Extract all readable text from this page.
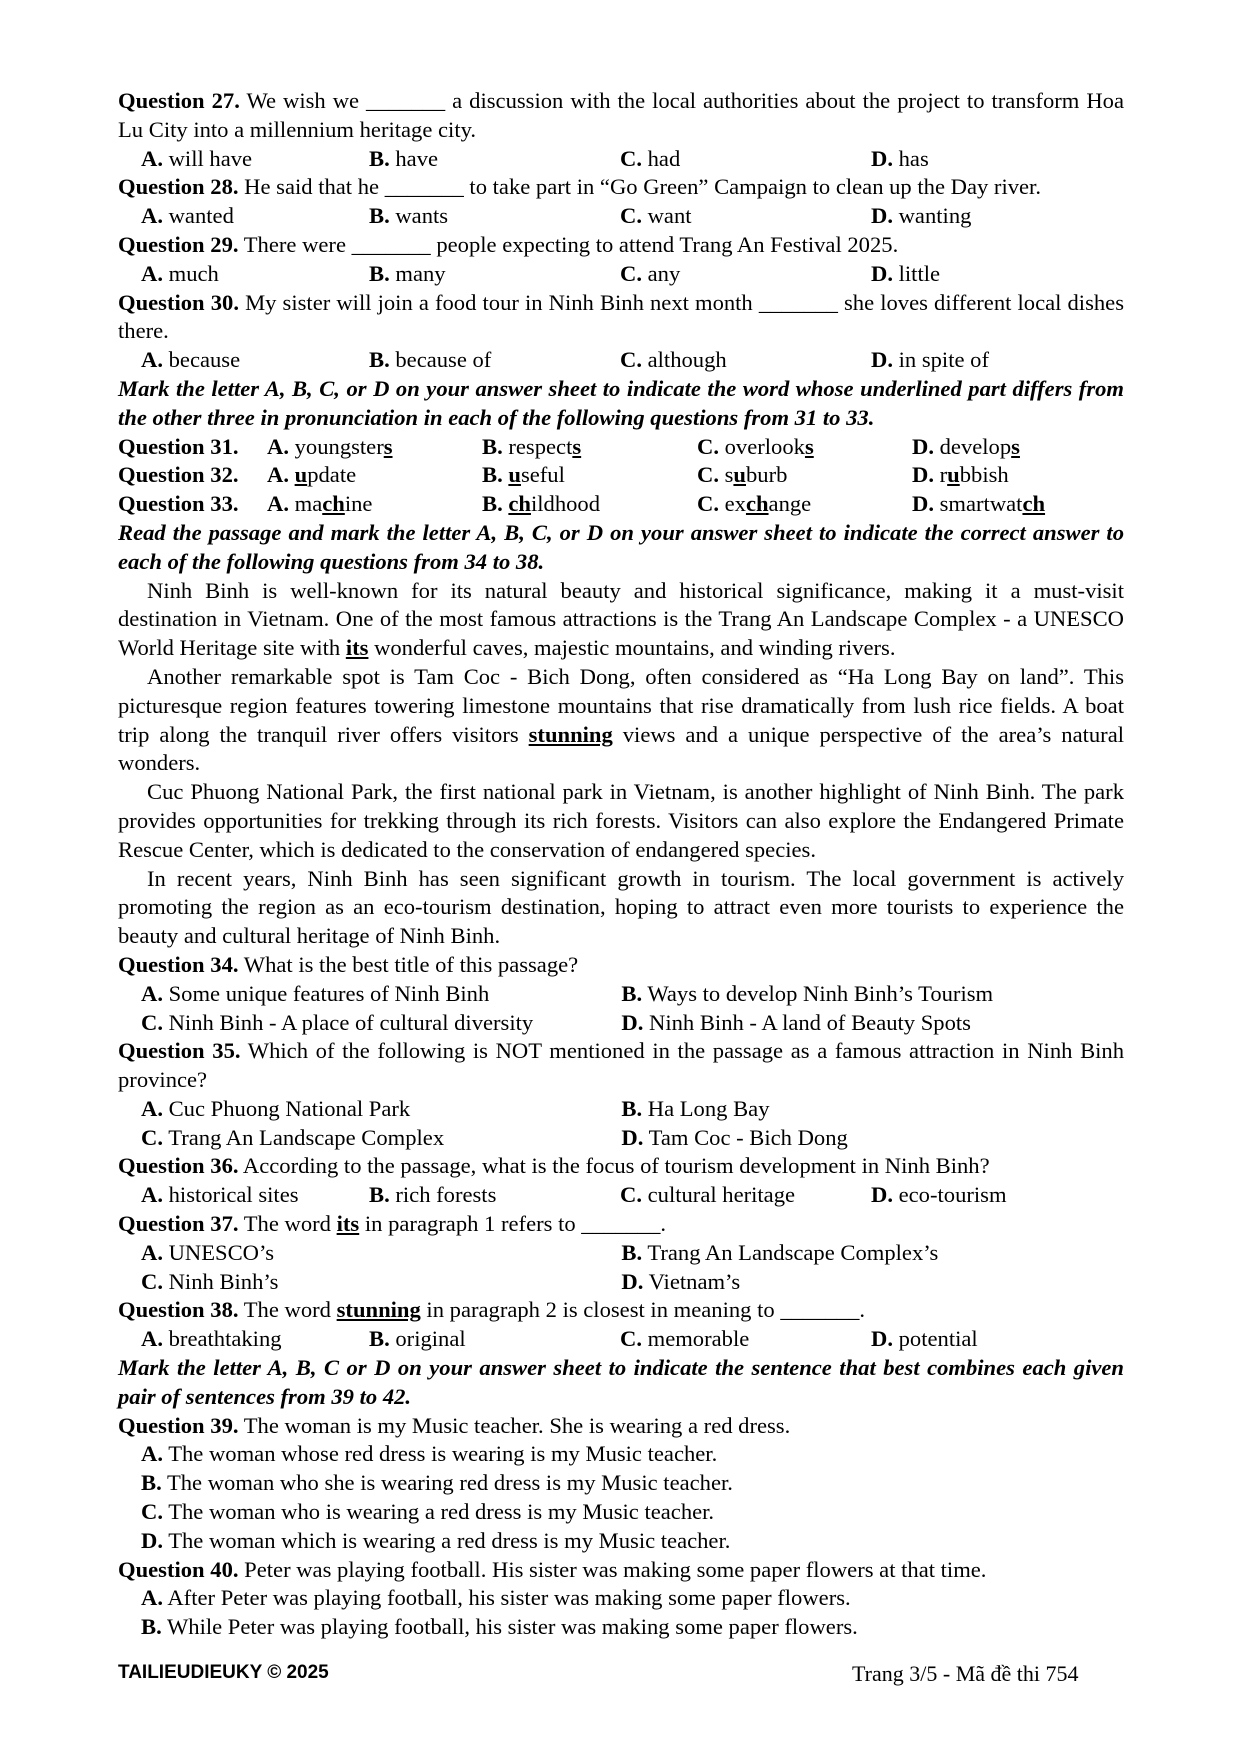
Question 27. We wish we _______ a discussion with the local authorities about the project to transform Hoa Lu City into a millennium heritage city.

A. will have	B. have	C. had	D. has

Question 28. He said that he _______ to take part in “Go Green” Campaign to clean up the Day river.

A. wanted	B. wants	C. want	D. wanting

Question 29. There were _______ people expecting to attend Trang An Festival 2025.

A. much	B. many	C. any	D. little

Question 30. My sister will join a food tour in Ninh Binh next month _______ she loves different local dishes there.

A. because	B. because of	C. although	D. in spite of

Mark the letter A, B, C, or D on your answer sheet to indicate the word whose underlined part differs from the other three in pronunciation in each of the following questions from 31 to 33.

Question 31.	A. youngsters	B. respects	C. overlooks	D. develops
Question 32.	A. update	B. useful	C. suburb	D. rubbish
Question 33.	A. machine	B. childhood	C. exchange	D. smartwatch

Read the passage and mark the letter A, B, C, or D on your answer sheet to indicate the correct answer to each of the following questions from 34 to 38.

Ninh Binh is well-known for its natural beauty and historical significance, making it a must-visit destination in Vietnam. One of the most famous attractions is the Trang An Landscape Complex - a UNESCO World Heritage site with its wonderful caves, majestic mountains, and winding rivers.

Another remarkable spot is Tam Coc - Bich Dong, often considered as “Ha Long Bay on land”. This picturesque region features towering limestone mountains that rise dramatically from lush rice fields. A boat trip along the tranquil river offers visitors stunning views and a unique perspective of the area’s natural wonders.

Cuc Phuong National Park, the first national park in Vietnam, is another highlight of Ninh Binh. The park provides opportunities for trekking through its rich forests. Visitors can also explore the Endangered Primate Rescue Center, which is dedicated to the conservation of endangered species.

In recent years, Ninh Binh has seen significant growth in tourism. The local government is actively promoting the region as an eco-tourism destination, hoping to attract even more tourists to experience the beauty and cultural heritage of Ninh Binh.

Question 34. What is the best title of this passage?

A. Some unique features of Ninh Binh	B. Ways to develop Ninh Binh’s Tourism
C. Ninh Binh - A place of cultural diversity	D. Ninh Binh - A land of Beauty Spots

Question 35. Which of the following is NOT mentioned in the passage as a famous attraction in Ninh Binh province?

A. Cuc Phuong National Park	B. Ha Long Bay
C. Trang An Landscape Complex	D. Tam Coc - Bich Dong

Question 36. According to the passage, what is the focus of tourism development in Ninh Binh?

A. historical sites	B. rich forests	C. cultural heritage	D. eco-tourism

Question 37. The word its in paragraph 1 refers to _______.

A. UNESCO’s	B. Trang An Landscape Complex’s
C. Ninh Binh’s	D. Vietnam’s

Question 38. The word stunning in paragraph 2 is closest in meaning to _______.

A. breathtaking	B. original	C. memorable	D. potential

Mark the letter A, B, C or D on your answer sheet to indicate the sentence that best combines each given pair of sentences from 39 to 42.

Question 39. The woman is my Music teacher. She is wearing a red dress.

A. The woman whose red dress is wearing is my Music teacher.

B. The woman who she is wearing red dress is my Music teacher.

C. The woman who is wearing a red dress is my Music teacher.

D. The woman which is wearing a red dress is my Music teacher.

Question 40. Peter was playing football. His sister was making some paper flowers at that time.

A. After Peter was playing football, his sister was making some paper flowers.

B. While Peter was playing football, his sister was making some paper flowers.

TAILIEUDIEUKY © 2025	Trang 3/5 - Mã đề thi 754
